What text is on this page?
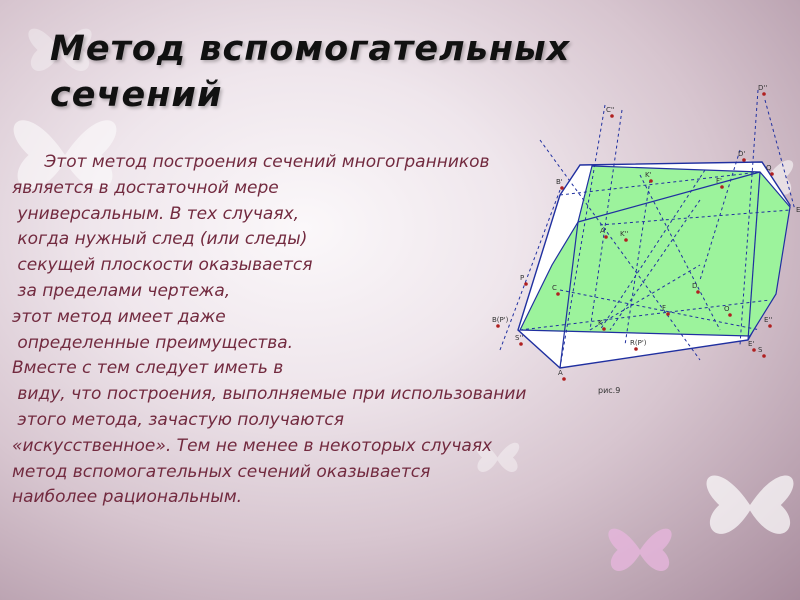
Метод вспомогательных
сечений	D''
C''
D'
Q
B'
K'
F'
E
A' K''
P
C	D
F
B(P')
O
E''
K
S''
R(P')	E'
S
A
рис.9
Этот метод построения сечений многогранников
является в достаточной мере
универсальным. В тех случаях,
когда нужный след (или следы)
секущей плоскости оказывается
за пределами чертежа,
этот метод имеет даже
определенные преимущества.
Вместе с тем следует иметь в
виду, что построения, выполняемые при использовании
этого метода, зачастую получаются
«искусственное». Тем не менее в некоторых случаях
метод вспомогательных сечений оказывается
наиболее рациональным.
